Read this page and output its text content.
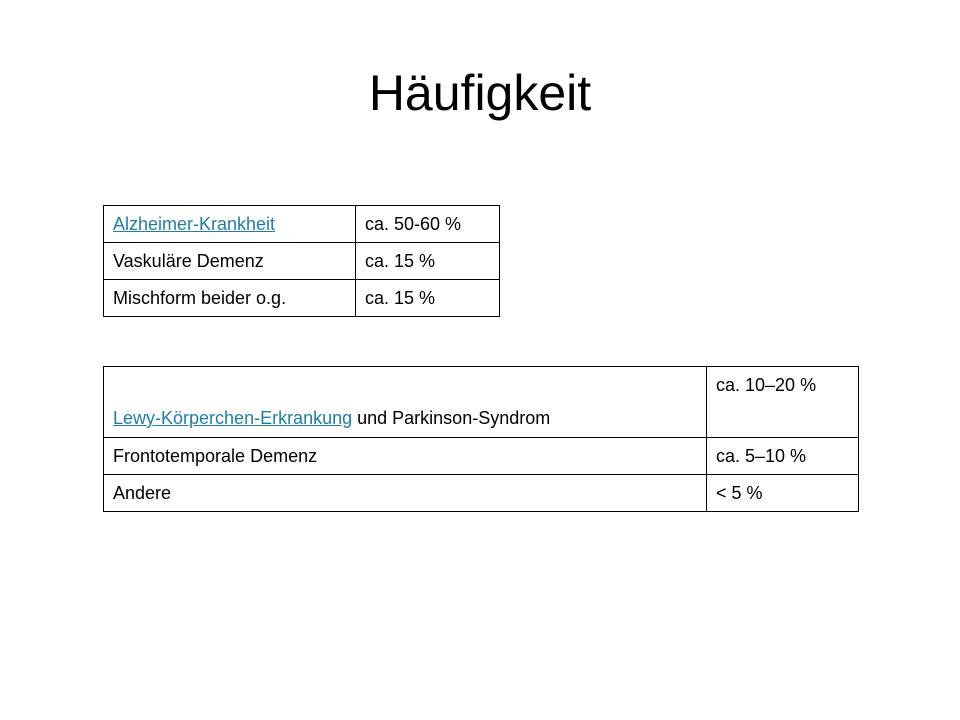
Häufigkeit
Alzheimer-Krankheit	ca. 50-60 %
Vaskuläre Demenz	ca. 15 %
Mischform beider o.g.	ca. 15 %
Lewy-Körperchen-Erkrankung und Parkinson-Syndrom	ca. 10–20 %
Frontotemporale Demenz	ca. 5–10 %
Andere	< 5 %
